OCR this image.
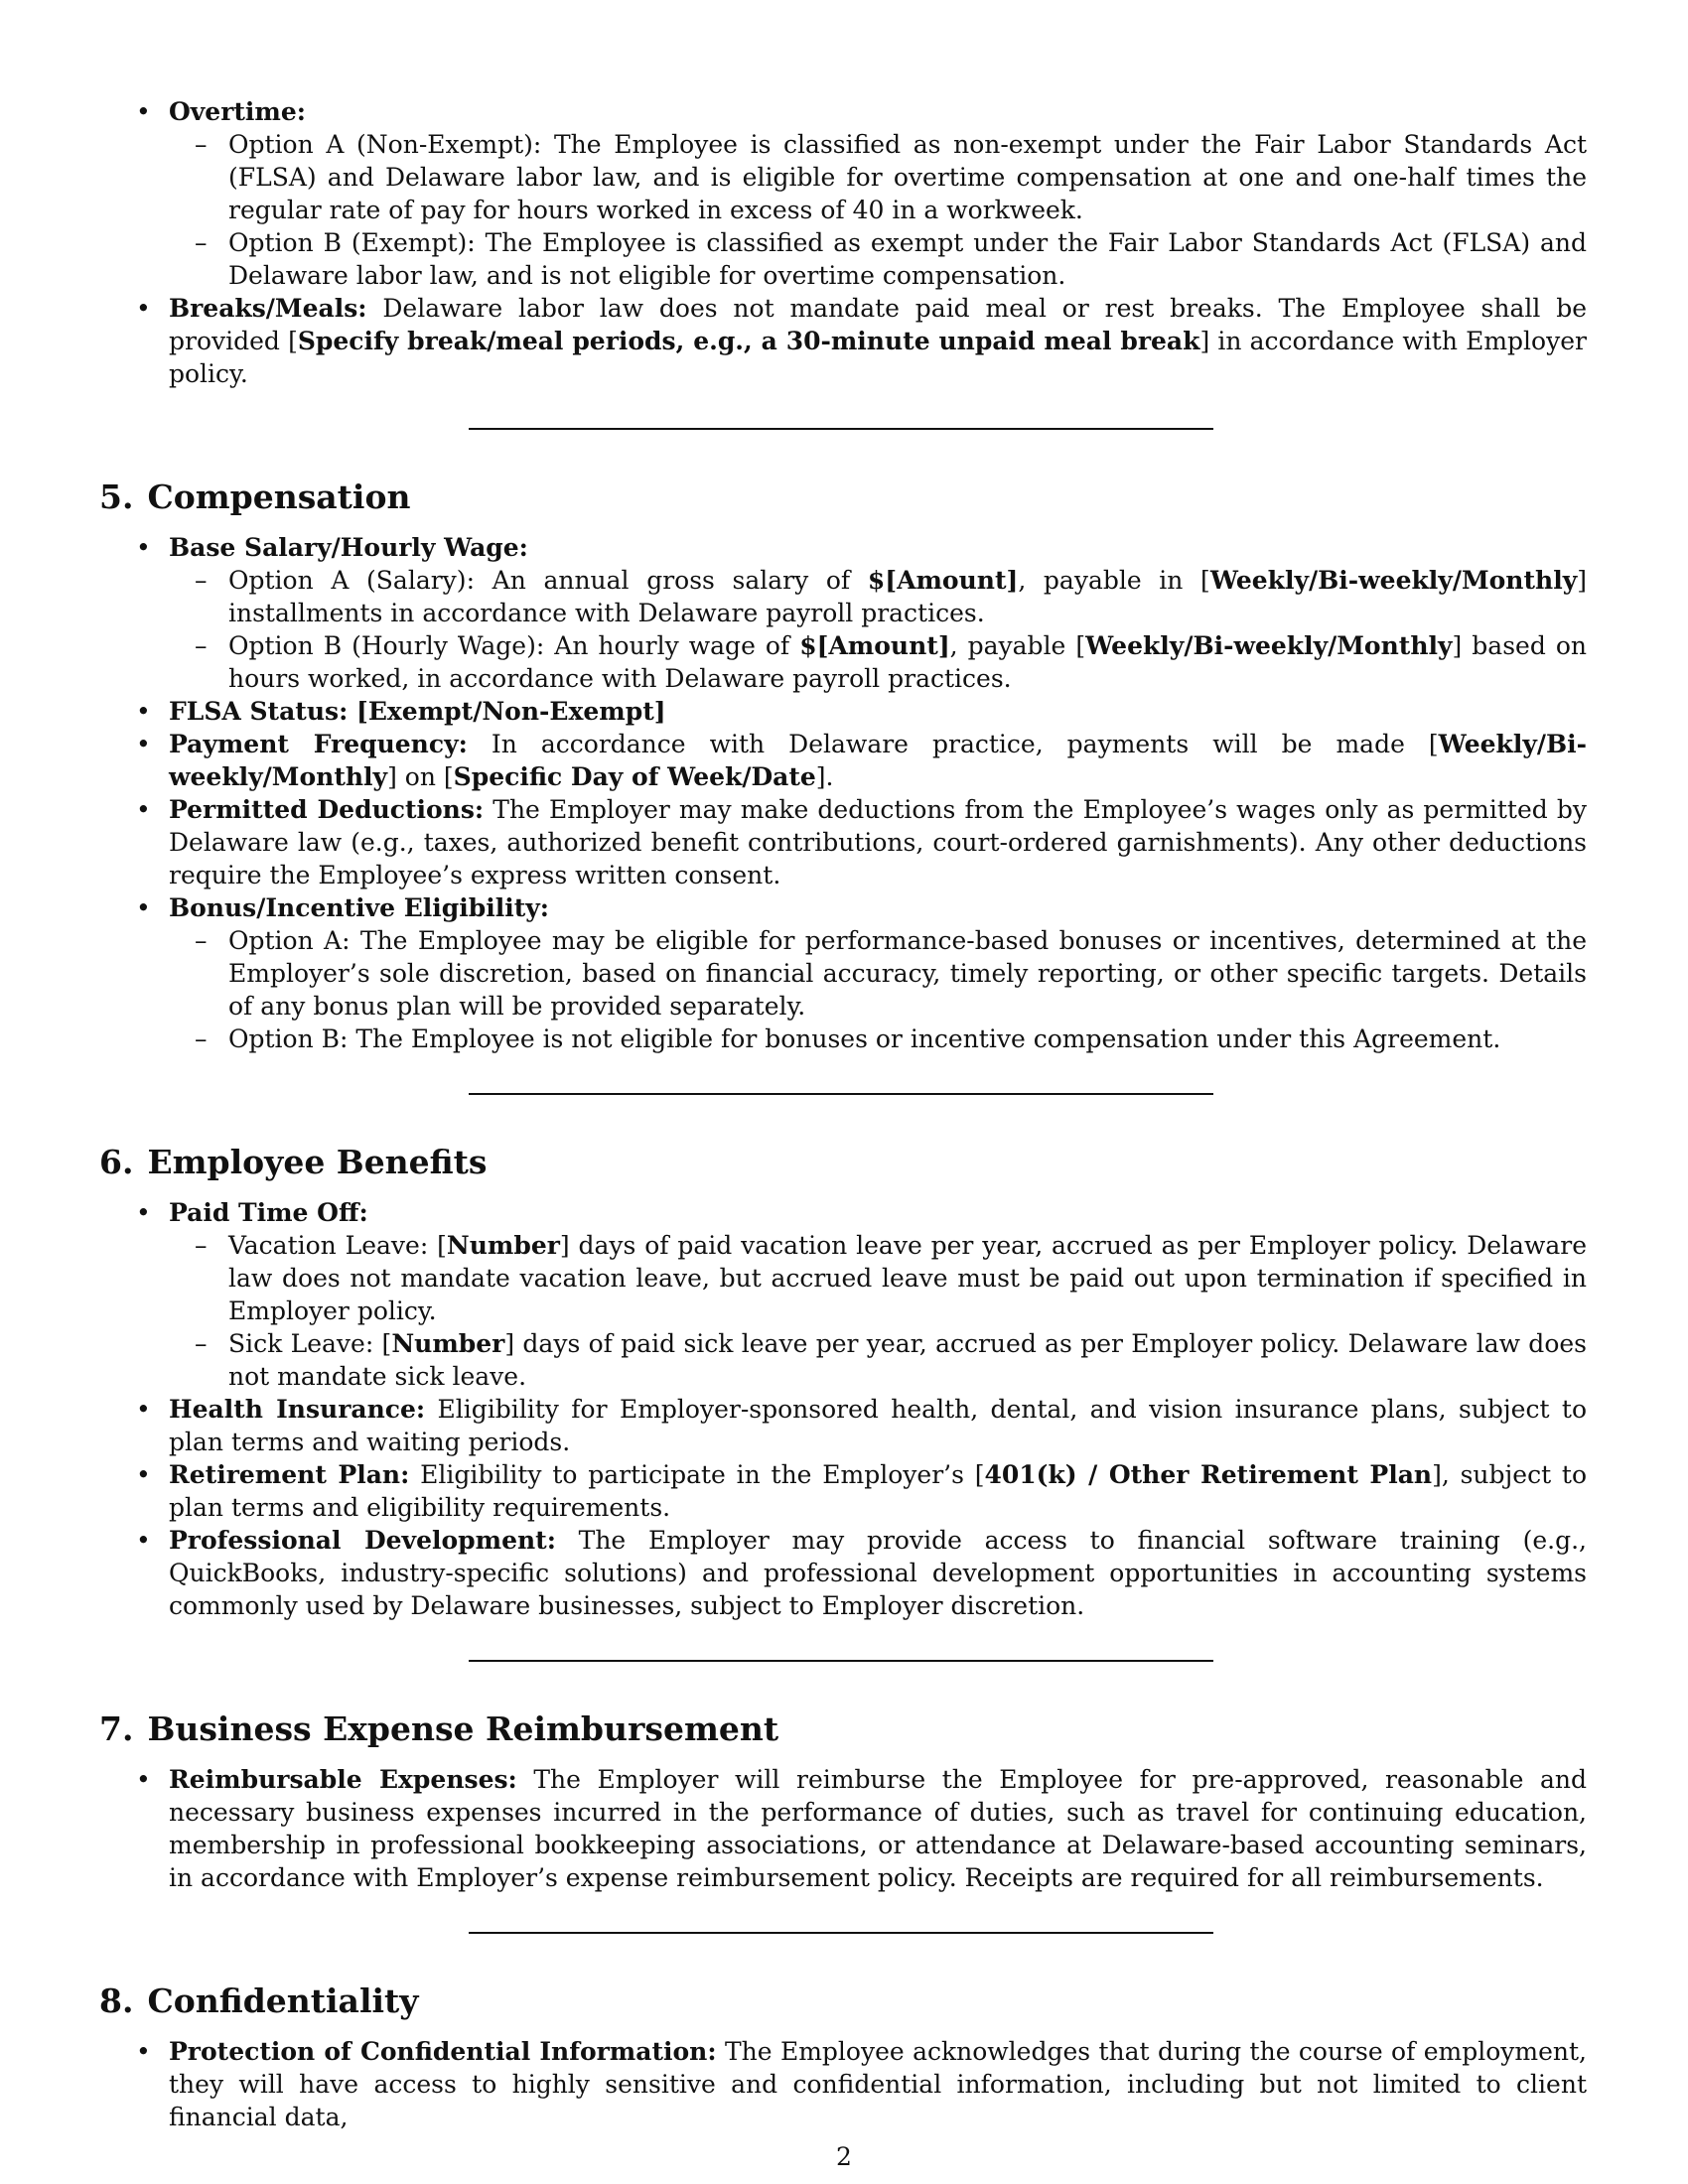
• Overtime:
– Option A (Non-Exempt): The Employee is classified as non-exempt under the Fair Labor Standards Act (FLSA) and Delaware labor law, and is eligible for overtime compensation at one and one-half times the regular rate of pay for hours worked in excess of 40 in a workweek.
– Option B (Exempt): The Employee is classified as exempt under the Fair Labor Standards Act (FLSA) and Delaware labor law, and is not eligible for overtime compensation.
• Breaks/Meals: Delaware labor law does not mandate paid meal or rest breaks. The Employee shall be provided [Specify break/meal periods, e.g., a 30-minute unpaid meal break] in accordance with Employer policy.
5. Compensation
• Base Salary/Hourly Wage:
– Option A (Salary): An annual gross salary of $[Amount], payable in [Weekly/Bi-weekly/Monthly] installments in accordance with Delaware payroll practices.
– Option B (Hourly Wage): An hourly wage of $[Amount], payable [Weekly/Bi-weekly/Monthly] based on hours worked, in accordance with Delaware payroll practices.
• FLSA Status: [Exempt/Non-Exempt]
• Payment Frequency: In accordance with Delaware practice, payments will be made [Weekly/Bi-weekly/Monthly] on [Specific Day of Week/Date].
• Permitted Deductions: The Employer may make deductions from the Employee’s wages only as permitted by Delaware law (e.g., taxes, authorized benefit contributions, court-ordered garnishments). Any other deductions require the Employee’s express written consent.
• Bonus/Incentive Eligibility:
– Option A: The Employee may be eligible for performance-based bonuses or incentives, determined at the Employer’s sole discretion, based on financial accuracy, timely reporting, or other specific targets. Details of any bonus plan will be provided separately.
– Option B: The Employee is not eligible for bonuses or incentive compensation under this Agreement.
6. Employee Benefits
• Paid Time Off:
– Vacation Leave: [Number] days of paid vacation leave per year, accrued as per Employer policy. Delaware law does not mandate vacation leave, but accrued leave must be paid out upon termination if specified in Employer policy.
– Sick Leave: [Number] days of paid sick leave per year, accrued as per Employer policy. Delaware law does not mandate sick leave.
• Health Insurance: Eligibility for Employer-sponsored health, dental, and vision insurance plans, subject to plan terms and waiting periods.
• Retirement Plan: Eligibility to participate in the Employer’s [401(k) / Other Retirement Plan], subject to plan terms and eligibility requirements.
• Professional Development: The Employer may provide access to financial software training (e.g., QuickBooks, industry-specific solutions) and professional development opportunities in accounting systems commonly used by Delaware businesses, subject to Employer discretion.
7. Business Expense Reimbursement
• Reimbursable Expenses: The Employer will reimburse the Employee for pre-approved, reasonable and necessary business expenses incurred in the performance of duties, such as travel for continuing education, membership in professional bookkeeping associations, or attendance at Delaware-based accounting seminars, in accordance with Employer’s expense reimbursement policy. Receipts are required for all reimbursements.
8. Confidentiality
• Protection of Confidential Information: The Employee acknowledges that during the course of employment, they will have access to highly sensitive and confidential information, including but not limited to client financial data,
2
